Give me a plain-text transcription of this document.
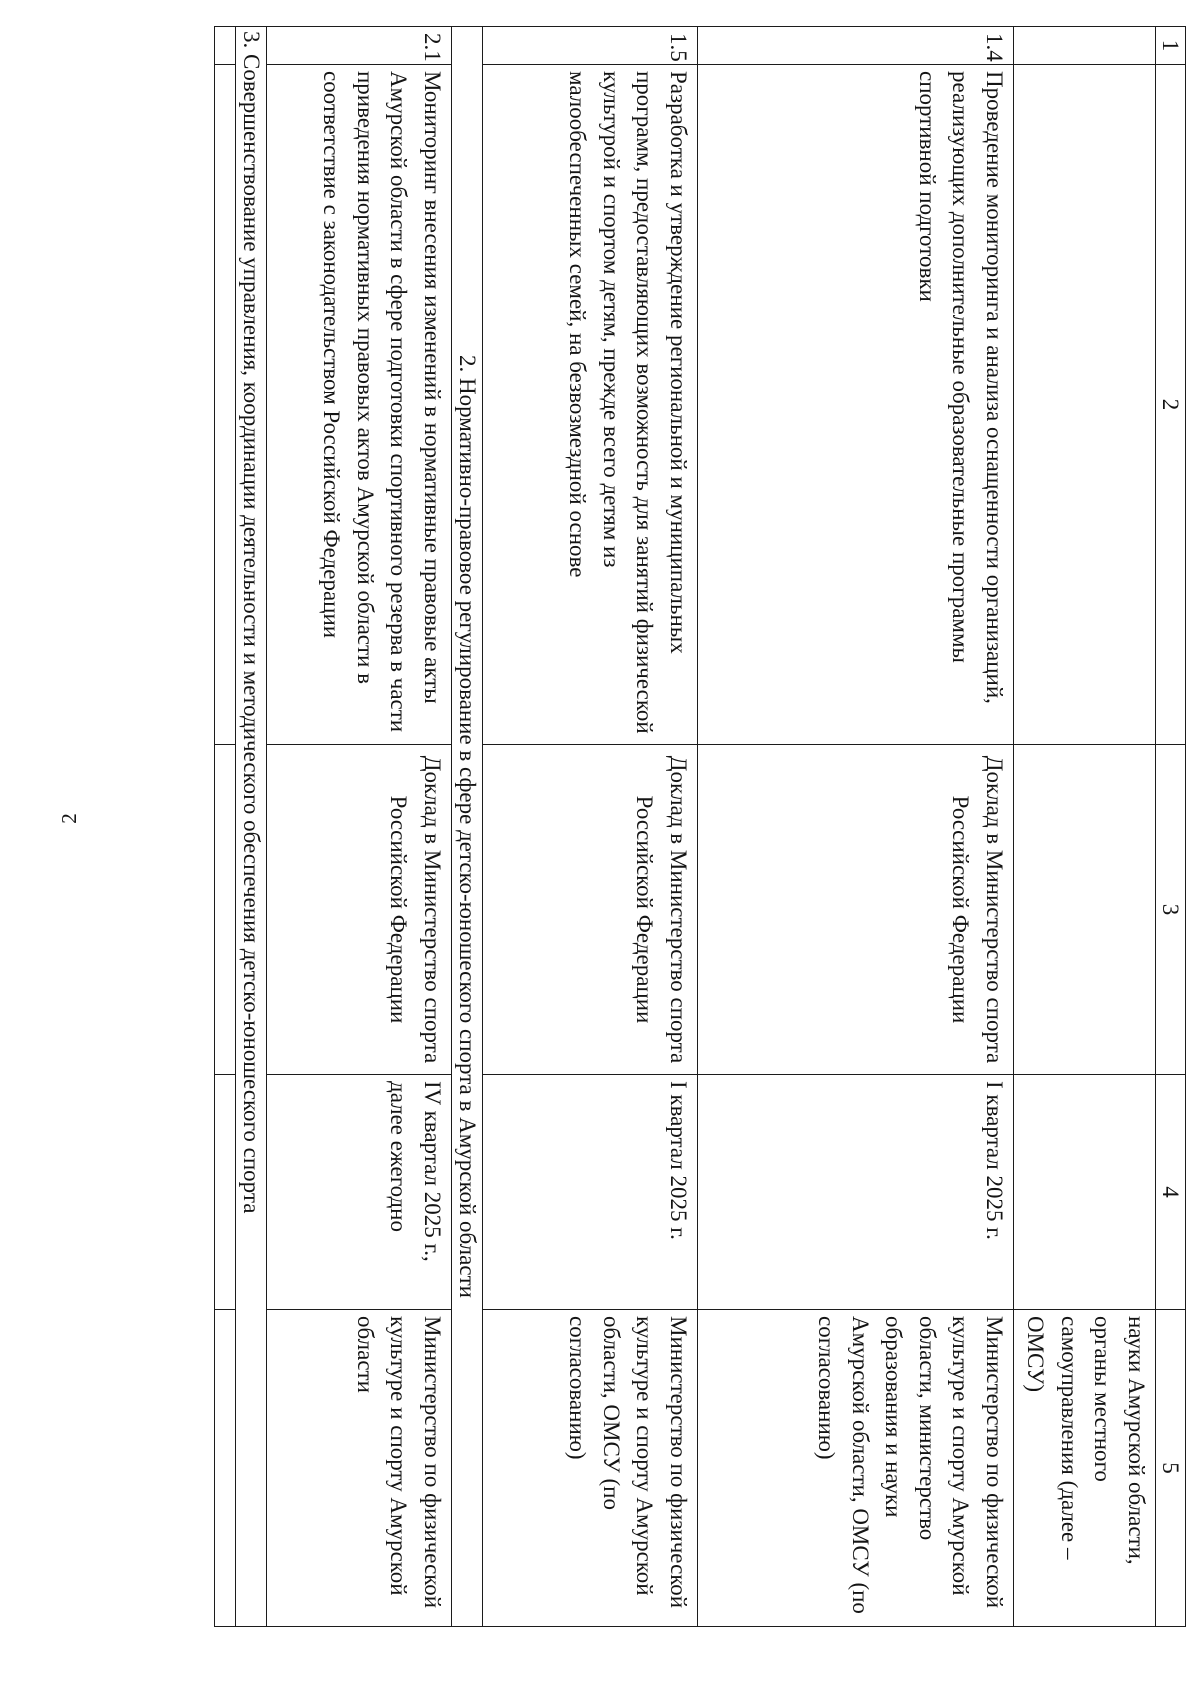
2
1	2	3	4	5
				науки Амурской области, органы местного самоуправления (далее – ОМСУ)
1.4	Проведение мониторинга и анализа оснащенности организаций, реализующих дополнительные образовательные программы спортивной подготовки	Доклад в Министерство спорта Российской Федерации	I квартал 2025 г.	Министерство по физической культуре и спорту Амурской области, министерство образования и науки Амурской области, ОМСУ (по согласованию)
1.5	Разработка и утверждение региональной и муниципальных программ, предоставляющих возможность для занятий физической культурой и спортом детям, прежде всего детям из малообеспеченных семей, на безвозмездной основе	Доклад в Министерство спорта Российской Федерации	I квартал 2025 г.	Министерство по физической культуре и спорту Амурской области, ОМСУ (по согласованию)
2. Нормативно-правовое регулирование в сфере детско-юношеского спорта в Амурской области				
2.1	Мониторинг внесения изменений в нормативные правовые акты Амурской области в сфере подготовки спортивного резерва в части приведения нормативных правовых актов Амурской области в соответствие с законодательством Российской Федерации	Доклад в Министерство спорта Российской Федерации	IV квартал 2025 г., далее ежегодно	Министерство по физической культуре и спорту Амурской области
3. Совершенствование управления, координации деятельности и методического обеспечения детско-юношеского спорта				
